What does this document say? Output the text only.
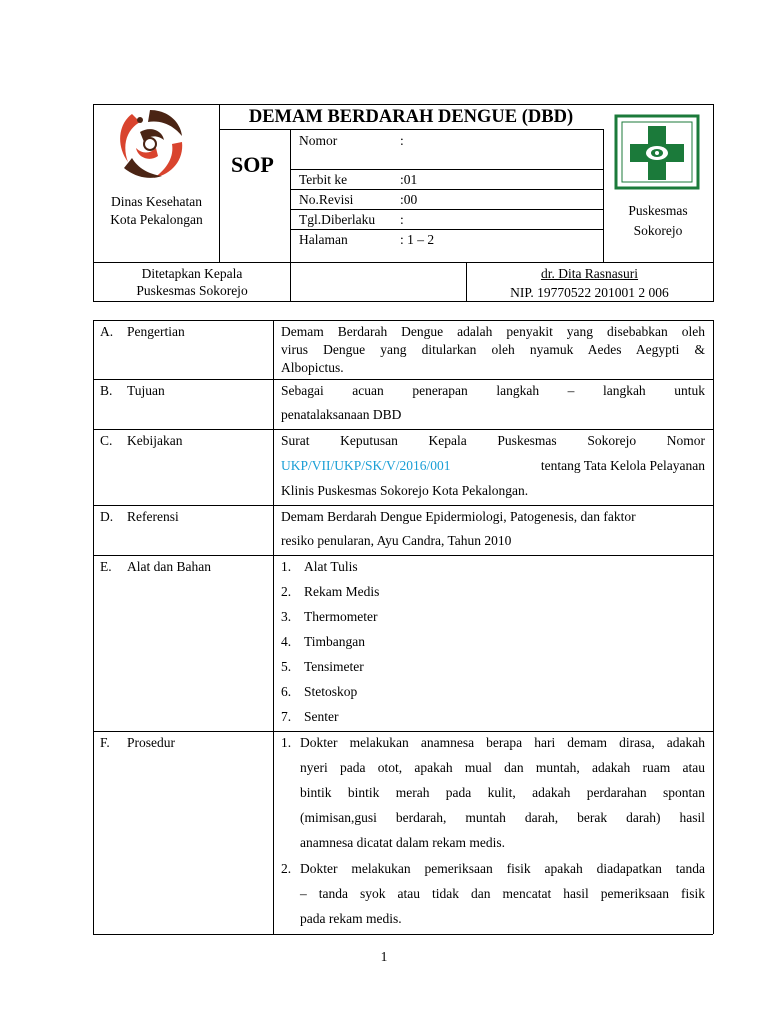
Dinas Kesehatan
Kota Pekalongan
DEMAM BERDARAH DENGUE (DBD)
SOP
Nomor	:
Terbit ke	:01
No.Revisi	:00
Tgl.Diberlaku :
Halaman	: 1 – 2
Puskesmas
Sokorejo
Ditetapkan Kepala
Puskesmas Sokorejo
dr. Dita Rasnasuri
NIP. 19770522 201001 2 006
A. Pengertian	Demam Berdarah Dengue adalah penyakit yang disebabkan oleh
virus Dengue yang ditularkan oleh nyamuk Aedes Aegypti &
Albopictus.
B. Tujuan	Sebagai acuan penerapan langkah – langkah untuk
penatalaksanaan DBD
C. Kebijakan	Surat Keputusan Kepala Puskesmas Sokorejo Nomor
UKP/VII/UKP/SK/V/2016/001	tentang Tata Kelola Pelayanan
Klinis Puskesmas Sokorejo Kota Pekalongan.
D. Referensi	Demam Berdarah Dengue Epidermiologi, Patogenesis, dan faktor
resiko penularan, Ayu Candra, Tahun 2010
E. Alat dan Bahan	1. Alat Tulis
2. Rekam Medis
3. Thermometer
4. Timbangan
5. Tensimeter
6. Stetoskop
7. Senter
F. Prosedur	1. Dokter melakukan anamnesa berapa hari demam dirasa, adakah
nyeri pada otot, apakah mual dan muntah, adakah ruam atau
bintik bintik merah pada kulit, adakah perdarahan spontan
(mimisan,gusi berdarah, muntah darah, berak darah) hasil
anamnesa dicatat dalam rekam medis.
2. Dokter melakukan pemeriksaan fisik apakah diadapatkan tanda
– tanda syok atau tidak dan mencatat hasil pemeriksaan fisik
pada rekam medis.
1
